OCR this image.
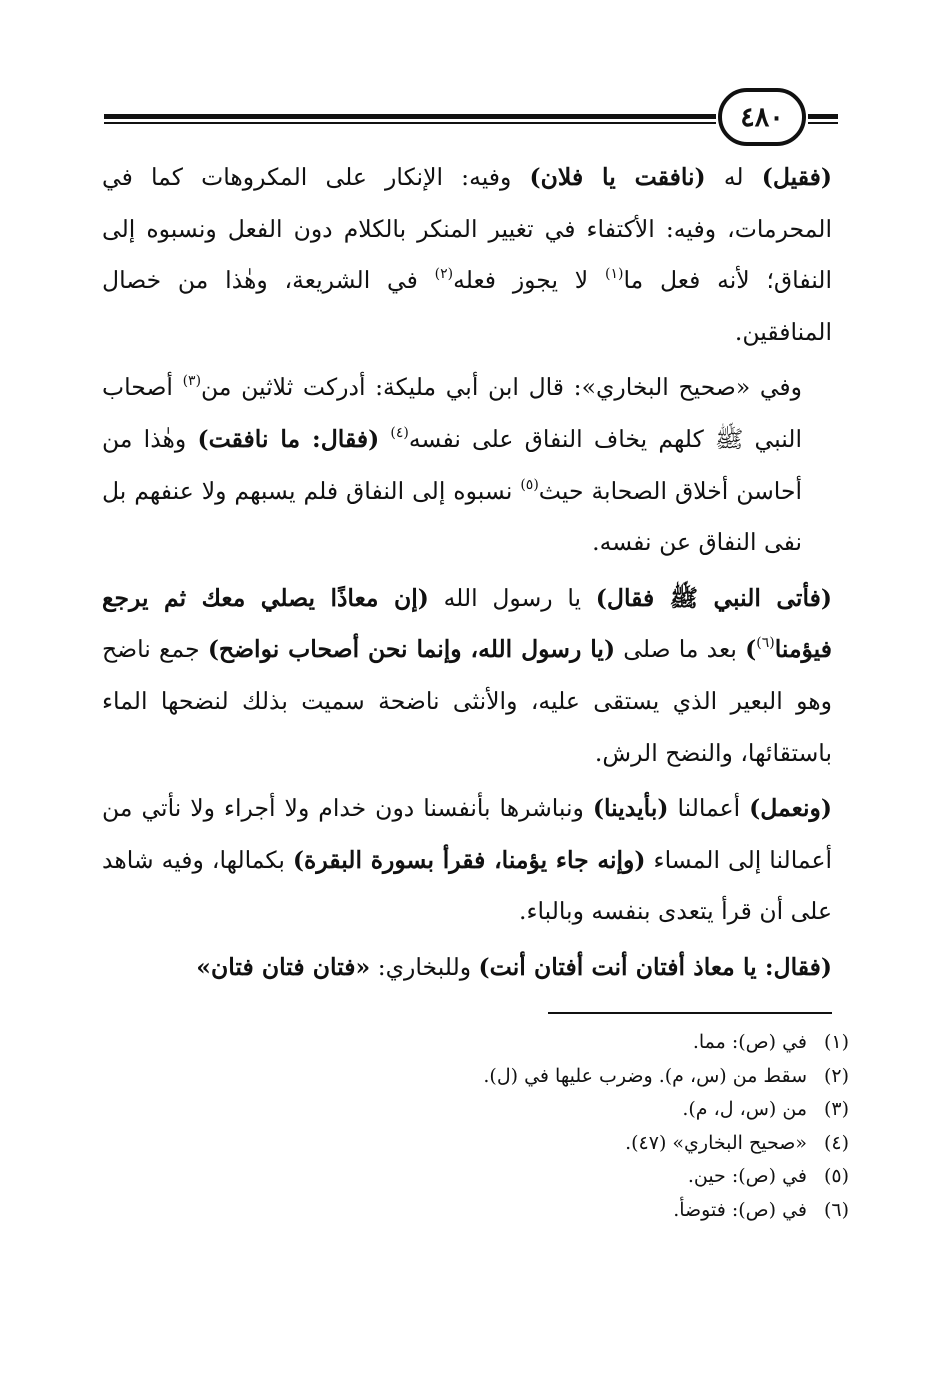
٤٨٠

(فقيل) له (نافقت يا فلان) وفيه: الإنكار على المكروهات كما في المحرمات، وفيه: الأكتفاء في تغيير المنكر بالكلام دون الفعل ونسبوه إلى النفاق؛ لأنه فعل ما$^{(١)}$ لا يجوز فعله$^{(٢)}$ في الشريعة، وهٰذا من خصال المنافقين.

وفي «صحيح البخاري»: قال ابن أبي مليكة: أدركت ثلاثين من$^{(٣)}$ أصحاب النبي ﷺ كلهم يخاف النفاق على نفسه$^{(٤)}$ (فقال: ما نافقت) وهٰذا من أحاسن أخلاق الصحابة حيث$^{(٥)}$ نسبوه إلى النفاق فلم يسبهم ولا عنفهم بل نفى النفاق عن نفسه.

(فأتى النبي ﷺ فقال) يا رسول الله (إن معاذًا يصلي معك ثم يرجع فيؤمنا$^{(٦)}$) بعد ما صلى (يا رسول الله، وإنما نحن أصحاب نواضح) جمع ناضح وهو البعير الذي يستقى عليه، والأنثى ناضحة سميت بذلك لنضحها الماء باستقائها، والنضح الرش.

(ونعمل) أعمالنا (بأيدينا) ونباشرها بأنفسنا دون خدام ولا أجراء ولا نأتي من أعمالنا إلى المساء (وإنه جاء يؤمنا، فقرأ بسورة البقرة) بكمالها، وفيه شاهد على أن قرأ يتعدى بنفسه وبالباء.

(فقال: يا معاذ أفتان أنت أفتان أنت) وللبخاري: «فتان فتان فتان»

(١)في (ص): مما.

(٢)سقط من (س، م). وضرب عليها في (ل).

(٣)من (س، ل، م).

(٤)«صحيح البخاري» (٤٧).

(٥)في (ص): حين.

(٦)في (ص): فتوضأ.
